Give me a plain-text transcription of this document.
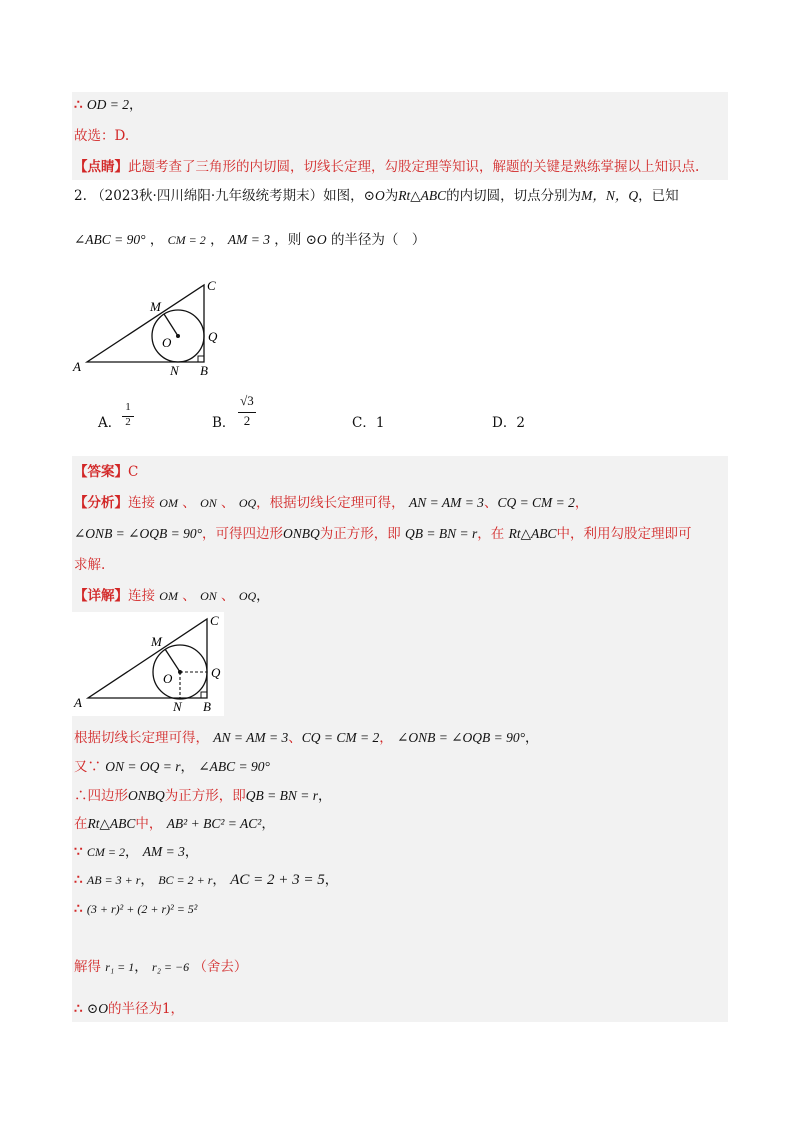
∴ OD = 2，
故选：D.
【点睛】此题考查了三角形的内切圆，切线长定理，勾股定理等知识，解题的关键是熟练掌握以上知识点.
2. （2023秋·四川绵阳·九年级统考期末）如图，⊙O为Rt△ABC的内切圆，切点分别为M，N，Q，已知
∠ABC = 90° ， CM = 2 ， AM = 3 ，则 ⊙O 的半径为（　）
A	B
C
M
N
O	Q
A．
1
2	B．
√3
2	C．1	D．2
【答案】C
【分析】连接 OM 、 ON 、 OQ，根据切线长定理可得， AN = AM = 3、CQ = CM = 2，
∠ONB = ∠OQB = 90°，可得四边形ONBQ为正方形，即 QB = BN = r，在 Rt△ABC中，利用勾股定理即可
求解.
【详解】连接 OM 、 ON 、 OQ，
A	B
C
M
N
O	Q
根据切线长定理可得， AN = AM = 3、CQ = CM = 2， ∠ONB = ∠OQB = 90°，
又∵ ON = OQ = r， ∠ABC = 90°
∴四边形ONBQ为正方形，即QB = BN = r，
在Rt△ABC中， AB² + BC² = AC²，
∵ CM = 2， AM = 3，
∴ AB = 3 + r， BC = 2 + r， AC = 2 + 3 = 5，
∴ (3 + r)² + (2 + r)² = 5²
解得 r₁ = 1， r₂ = −6 （舍去）
∴ ⊙O的半径为1，
